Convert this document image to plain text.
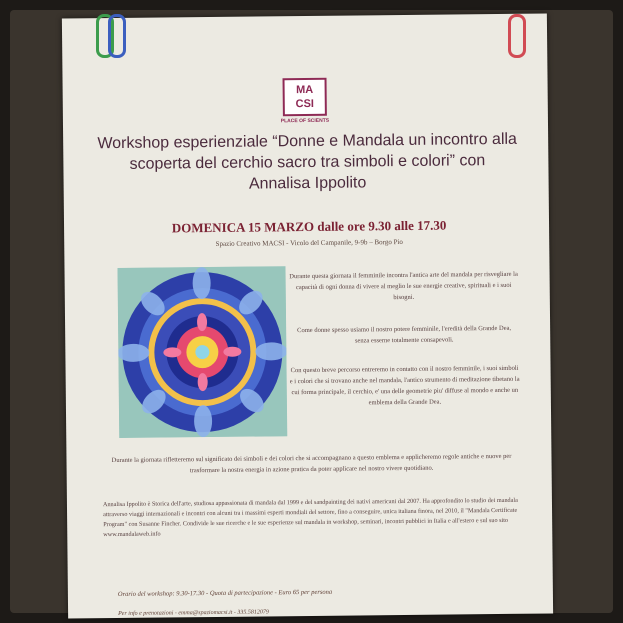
MA
CSI
PLACE OF SCIENTS
Workshop esperienziale “Donne e Mandala un incontro alla scoperta del cerchio sacro tra simboli e colori” con Annalisa Ippolito
DOMENICA 15 MARZO dalle ore 9.30 alle 17.30
Spazio Creativo MACSI - Vicolo del Campanile, 9-9b – Borgo Pio
Durante questa giornata il femminile incontra l'antica arte del mandala per risvegliare la capacità di ogni donna di vivere al meglio le sue energie creative, spirituali e i suoi bisogni.
Come donne spesso usiamo il nostro potere femminile, l'eredità della Grande Dea, senza esserne totalmente consapevoli.
Con questo breve percorso entreremo in contatto con il nostro femminile, i suoi simboli e i colori che si trovano anche nel mandala, l'antico strumento di meditazione tibetano la cui forma principale, il cerchio, e' una delle geometrie piu' diffuse al mondo e anche un emblema della Grande Dea.
Durante la giornata rifletteremo sul significato dei simboli e dei colori che si accompagnano a questo emblema e applicheremo regole antiche e nuove per trasformare la nostra energia in azione pratica da poter applicare nel nostro vivere quotidiano.
Annalisa Ippolito è Storica dell'arte, studiosa appassionata di mandala dal 1999 e del sandpainting dei nativi americani dal 2007. Ha approfondito lo studio dei mandala attraverso viaggi internazionali e incontri con alcuni tra i massimi esperti mondiali del settore, fino a conseguire, unica italiana finora, nel 2010, il "Mandala Certificate Program" con Susanne Fincher. Condivide le sue ricerche e le sue esperienze sul mandala in workshop, seminari, incontri pubblici in Italia e all'estero e sul suo sito www.mandalaweb.info
Orario del workshop: 9.30-17.30 - Quota di partecipazione - Euro 65 per persona
Per info e prenotazioni - emma@spaziomacsi.it - 335.5812079
